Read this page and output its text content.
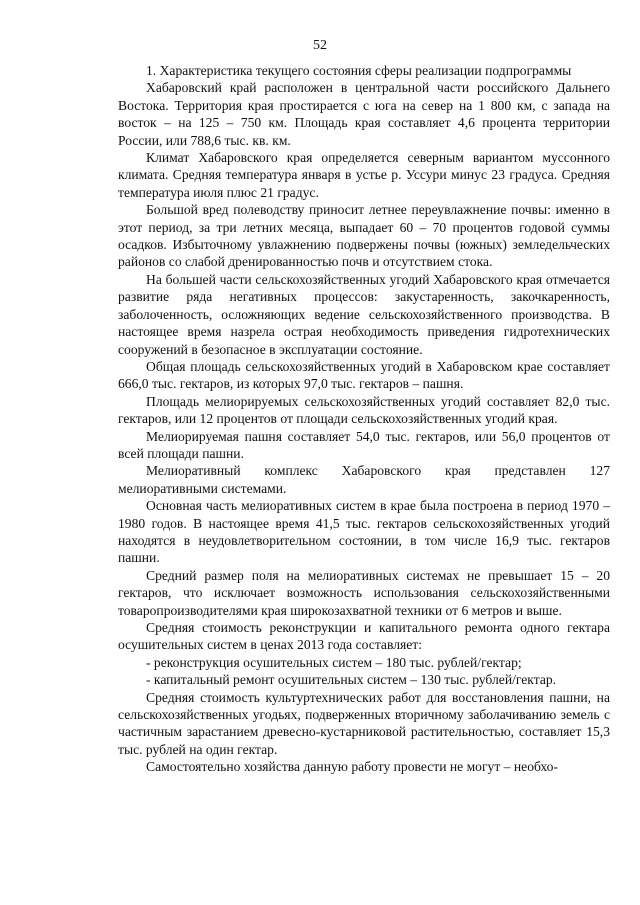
52

1. Характеристика текущего состояния сферы реализации подпрограммы

Хабаровский край расположен в центральной части российского Дальнего Востока. Территория края простирается с юга на север на 1 800 км, с запада на восток – на 125 – 750 км. Площадь края составляет 4,6 процента территории России, или 788,6 тыс. кв. км.

Климат Хабаровского края определяется северным вариантом муссонного климата. Средняя температура января в устье р. Уссури минус 23 градуса. Средняя температура июля плюс 21 градус.

Большой вред полеводству приносит летнее переувлажнение почвы: именно в этот период, за три летних месяца, выпадает 60 – 70 процентов годовой суммы осадков. Избыточному увлажнению подвержены почвы (южных) земледельческих районов со слабой дренированностью почв и отсутствием стока.

На большей части сельскохозяйственных угодий Хабаровского края отмечается развитие ряда негативных процессов: закустаренность, закочкаренность, заболоченность, осложняющих ведение сельскохозяйственного производства. В настоящее время назрела острая необходимость приведения гидротехнических сооружений в безопасное в эксплуатации состояние.

Общая площадь сельскохозяйственных угодий в Хабаровском крае составляет 666,0 тыс. гектаров, из которых 97,0 тыс. гектаров – пашня.

Площадь мелиорируемых сельскохозяйственных угодий составляет 82,0 тыс. гектаров, или 12 процентов от площади сельскохозяйственных угодий края.

Мелиорируемая пашня составляет 54,0 тыс. гектаров, или 56,0 процентов от всей площади пашни.

Мелиоративный комплекс Хабаровского края представлен 127 мелиоративными системами.

Основная часть мелиоративных систем в крае была построена в период 1970 – 1980 годов. В настоящее время 41,5 тыс. гектаров сельскохозяйственных угодий находятся в неудовлетворительном состоянии, в том числе 16,9 тыс. гектаров пашни.

Средний размер поля на мелиоративных системах не превышает 15 – 20 гектаров, что исключает возможность использования сельскохозяйственными товаропроизводителями края широкозахватной техники от 6 метров и выше.

Средняя стоимость реконструкции и капитального ремонта одного гектара осушительных систем в ценах 2013 года составляет:

- реконструкция осушительных систем – 180 тыс. рублей/гектар;

- капитальный ремонт осушительных систем – 130 тыс. рублей/гектар.

Средняя стоимость культуртехнических работ для восстановления пашни, на сельскохозяйственных угодьях, подверженных вторичному заболачиванию земель с частичным зарастанием древесно-кустарниковой растительностью, составляет 15,3 тыс. рублей на один гектар.

Самостоятельно хозяйства данную работу провести не могут – необхо-
